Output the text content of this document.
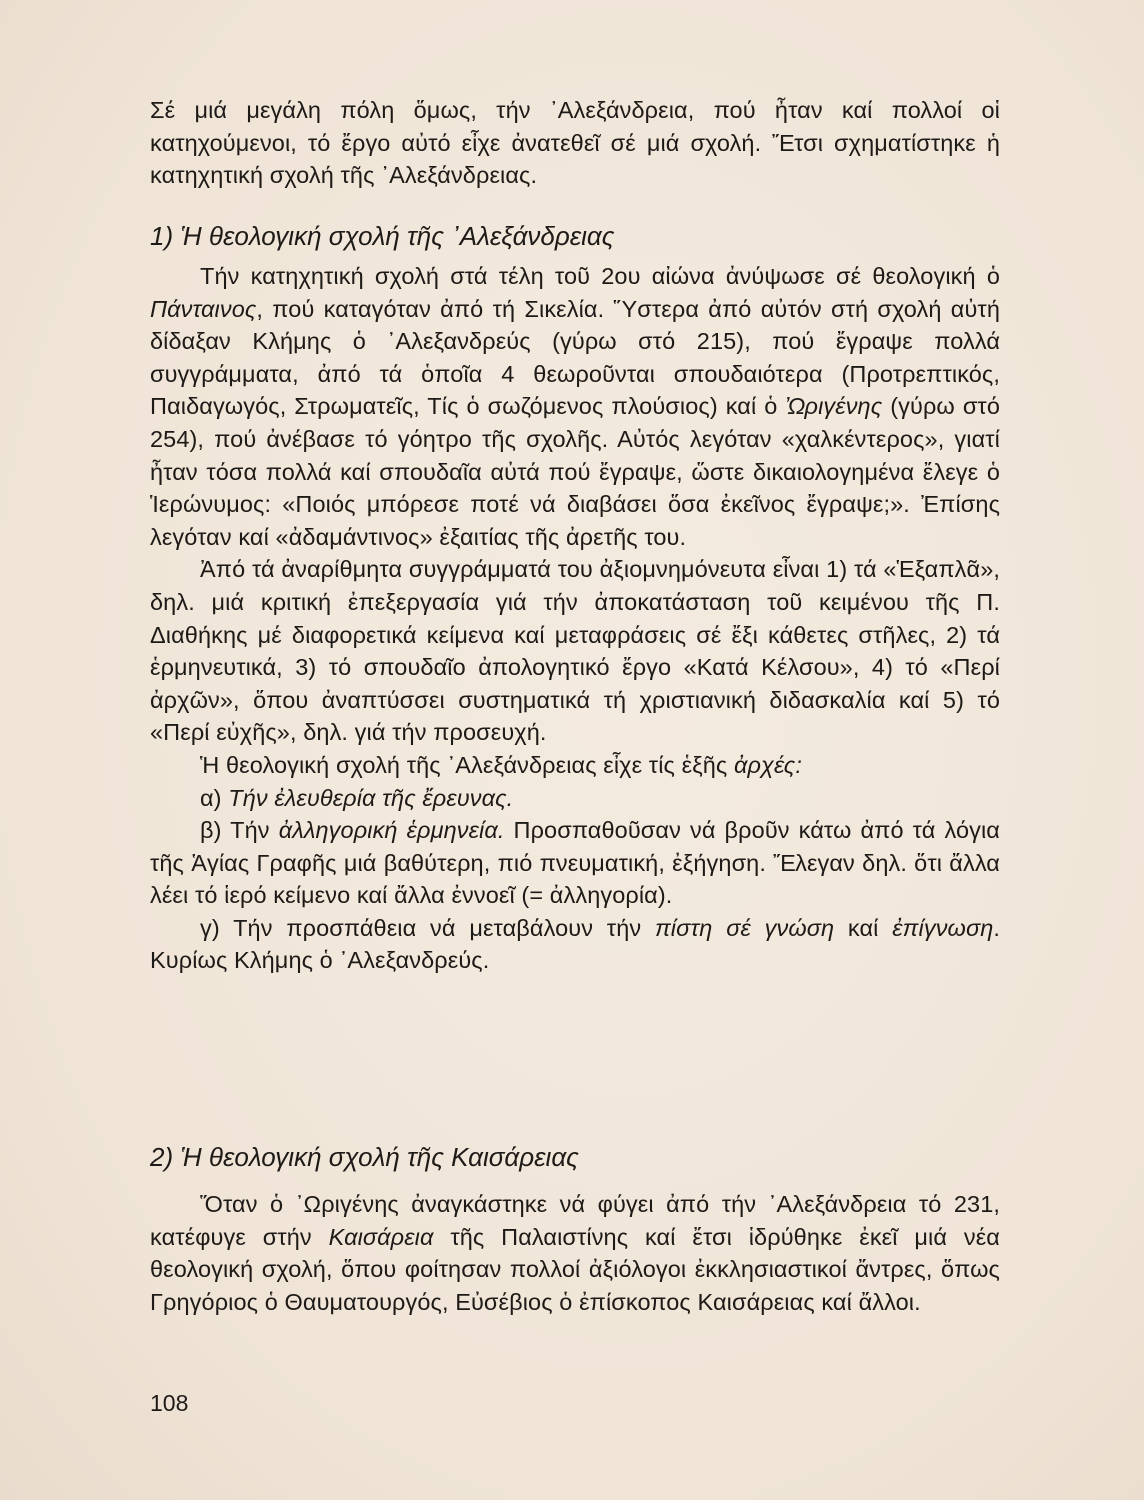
Σέ μιά μεγάλη πόλη ὅμως, τήν ᾽Αλεξάνδρεια, πού ἦταν καί πολλοί οἱ κατηχούμενοι, τό ἔργο αὐτό εἶχε ἀνατεθεῖ σέ μιά σχολή. Ἔτσι σχηματίστηκε ἡ κατηχητική σχολή τῆς ᾽Αλεξάνδρειας.

1) Ἡ θεολογική σχολή τῆς ᾽Αλεξάνδρειας

Τήν κατηχητική σχολή στά τέλη τοῦ 2ου αἰώνα ἀνύψωσε σέ θεολογική ὁ Πάνταινος, πού καταγόταν ἀπό τή Σικελία. Ὕστερα ἀπό αὐτόν στή σχολή αὐτή δίδαξαν Κλήμης ὁ ᾽Αλεξανδρεύς (γύρω στό 215), πού ἔγραψε πολλά συγγράμματα, ἀπό τά ὁποῖα 4 θεωροῦνται σπουδαιότερα (Προτρεπτικός, Παιδαγωγός, Στρωματεῖς, Τίς ὁ σωζόμενος πλούσιος) καί ὁ Ὠριγένης (γύρω στό 254), πού ἀνέβασε τό γόητρο τῆς σχολῆς. Αὐτός λεγόταν «χαλκέντερος», γιατί ἦταν τόσα πολλά καί σπουδαῖα αὐτά πού ἔγραψε, ὥστε δικαιολογημένα ἔλεγε ὁ Ἱερώνυμος: «Ποιός μπόρεσε ποτέ νά διαβάσει ὅσα ἐκεῖνος ἔγραψε;». Ἐπίσης λεγόταν καί «ἀδαμάντινος» ἐξαιτίας τῆς ἀρετῆς του.

Ἀπό τά ἀναρίθμητα συγγράμματά του ἀξιομνημόνευτα εἶναι 1) τά «Ἑξαπλᾶ», δηλ. μιά κριτική ἐπεξεργασία γιά τήν ἀποκατάσταση τοῦ κειμένου τῆς Π. Διαθήκης μέ διαφορετικά κείμενα καί μεταφράσεις σέ ἔξι κάθετες στῆλες, 2) τά ἑρμηνευτικά, 3) τό σπουδαῖο ἀπολογητικό ἔργο «Κατά Κέλσου», 4) τό «Περί ἀρχῶν», ὅπου ἀναπτύσσει συστηματικά τή χριστιανική διδασκαλία καί 5) τό «Περί εὐχῆς», δηλ. γιά τήν προσευχή.

Ἡ θεολογική σχολή τῆς ᾽Αλεξάνδρειας εἶχε τίς ἑξῆς ἀρχές:

α) Τήν ἐλευθερία τῆς ἔρευνας.

β) Τήν ἀλληγορική ἑρμηνεία. Προσπαθοῦσαν νά βροῦν κάτω ἀπό τά λόγια τῆς Ἁγίας Γραφῆς μιά βαθύτερη, πιό πνευματική, ἐξήγηση. Ἔλεγαν δηλ. ὅτι ἄλλα λέει τό ἱερό κείμενο καί ἄλλα ἐννοεῖ (= ἀλληγορία).

γ) Τήν προσπάθεια νά μεταβάλουν τήν πίστη σέ γνώση καί ἐπίγνωση. Κυρίως Κλήμης ὁ ᾽Αλεξανδρεύς.

2) Ἡ θεολογική σχολή τῆς Καισάρειας

Ὅταν ὁ ᾽Ωριγένης ἀναγκάστηκε νά φύγει ἀπό τήν ᾽Αλεξάνδρεια τό 231, κατέφυγε στήν Καισάρεια τῆς Παλαιστίνης καί ἔτσι ἱδρύθηκε ἐκεῖ μιά νέα θεολογική σχολή, ὅπου φοίτησαν πολλοί ἀξιόλογοι ἐκκλησιαστικοί ἄντρες, ὅπως Γρηγόριος ὁ Θαυματουργός, Εὐσέβιος ὁ ἐπίσκοπος Καισάρειας καί ἄλλοι.

108
